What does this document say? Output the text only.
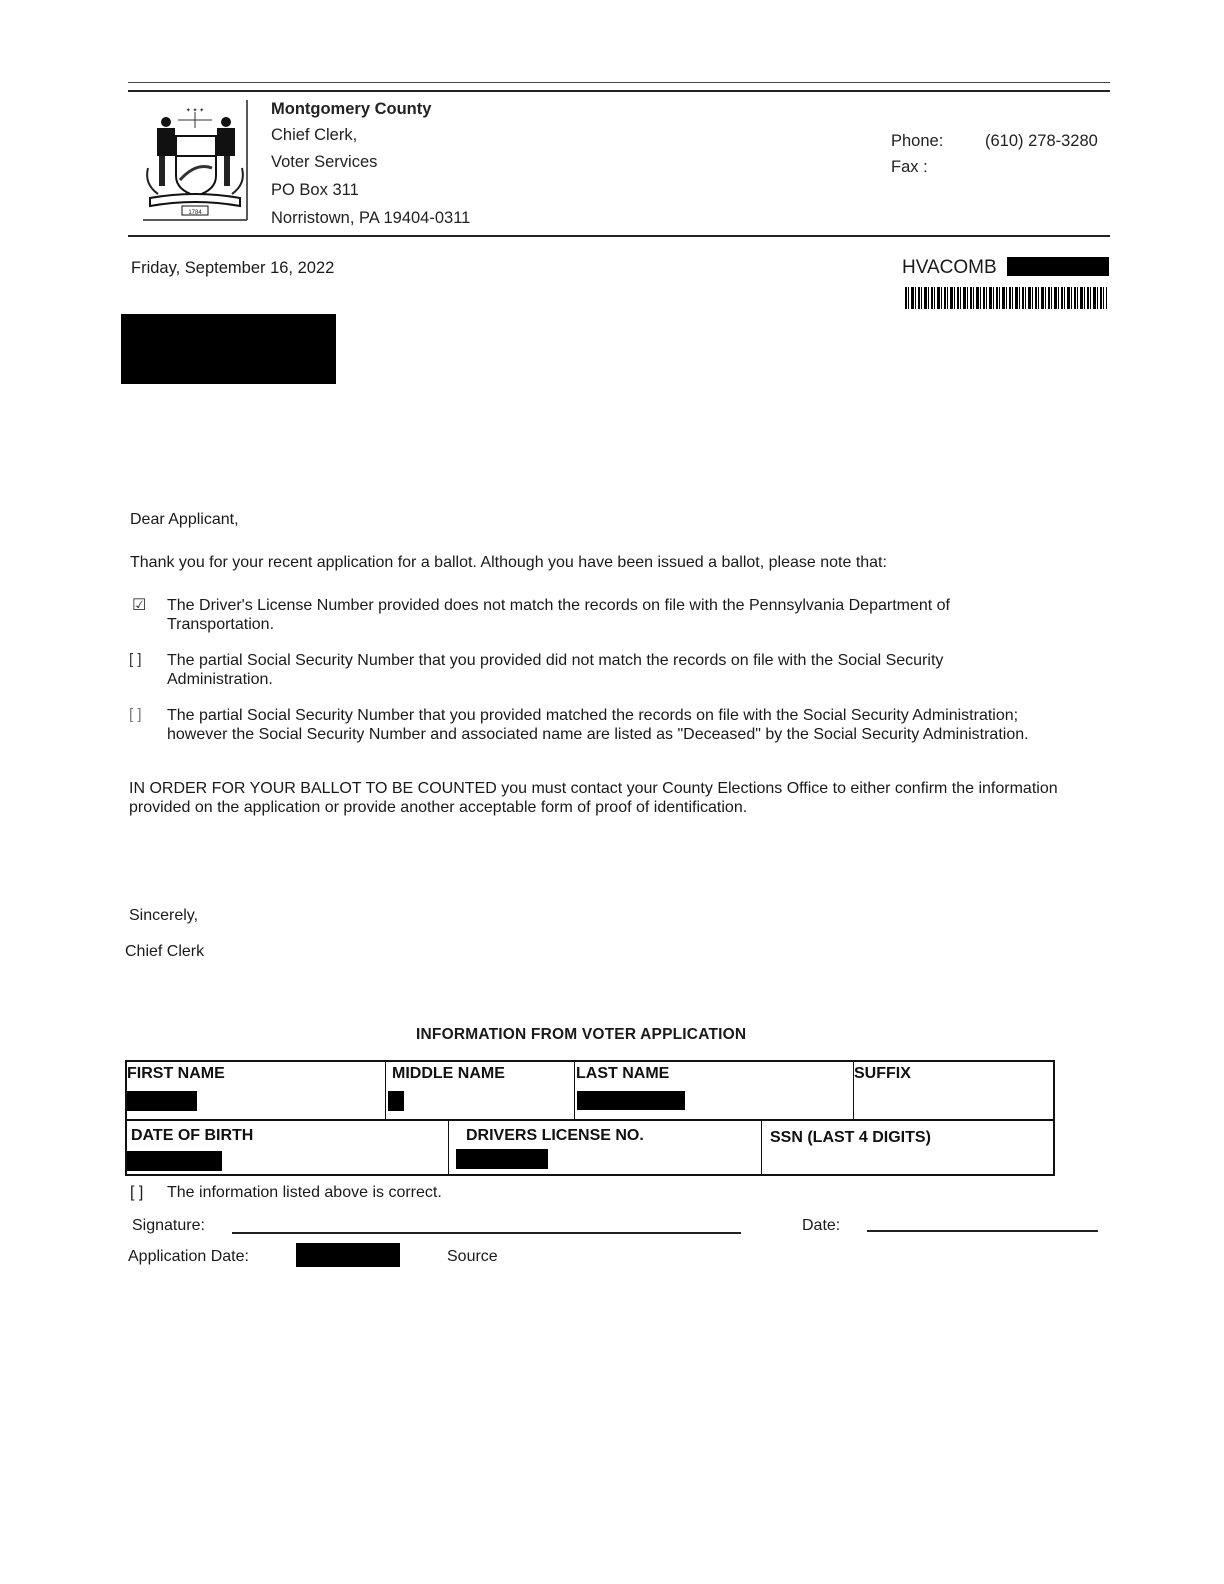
✦ ✦ ✦
1784
Montgomery County
Chief Clerk,
Voter Services
PO Box 311
Norristown, PA 19404-0311
Phone:	(610) 278-3280
Fax :
Friday, September 16, 2022	HVACOMB
Dear Applicant,
Thank you for your recent application for a ballot. Although you have been issued a ballot, please note that:
☑ The Driver's License Number provided does not match the records on file with the Pennsylvania Department of Transportation.
[ ] The partial Social Security Number that you provided did not match the records on file with the Social Security Administration.
[ ] The partial Social Security Number that you provided matched the records on file with the Social Security Administration; however the Social Security Number and associated name are listed as "Deceased" by the Social Security Administration.
IN ORDER FOR YOUR BALLOT TO BE COUNTED you must contact your County Elections Office to either confirm the information provided on the application or provide another acceptable form of proof of identification.
Sincerely,
Chief Clerk
INFORMATION FROM VOTER APPLICATION
FIRST NAME	MIDDLE NAME	LAST NAME	SUFFIX
DATE OF BIRTH	DRIVERS LICENSE NO.	SSN (LAST 4 DIGITS)
[ ] The information listed above is correct.
Signature:	Date:
Application Date:	Source
